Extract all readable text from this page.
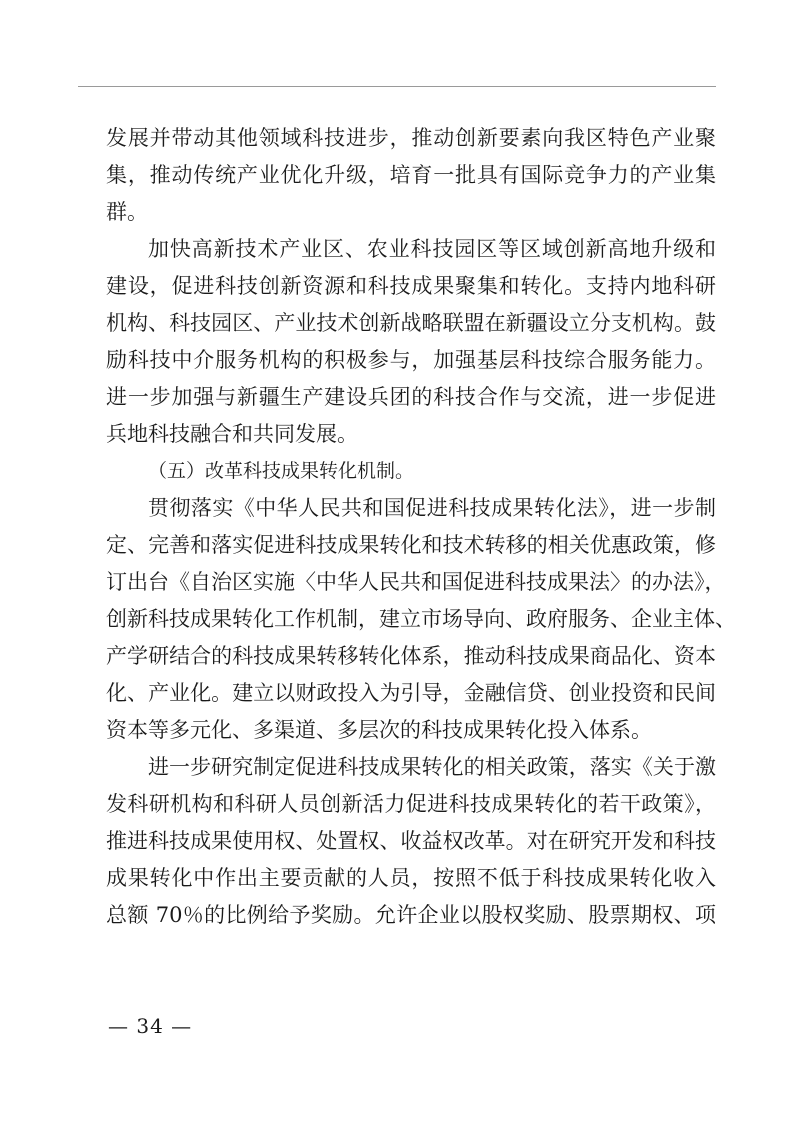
发展并带动其他领域科技进步，推动创新要素向我区特色产业聚
集，推动传统产业优化升级，培育一批具有国际竞争力的产业集
群。
加快高新技术产业区、农业科技园区等区域创新高地升级和
建设，促进科技创新资源和科技成果聚集和转化。支持内地科研
机构、科技园区、产业技术创新战略联盟在新疆设立分支机构。鼓
励科技中介服务机构的积极参与，加强基层科技综合服务能力。
进一步加强与新疆生产建设兵团的科技合作与交流，进一步促进
兵地科技融合和共同发展。
（五）改革科技成果转化机制。
贯彻落实《中华人民共和国促进科技成果转化法》，进一步制
定、完善和落实促进科技成果转化和技术转移的相关优惠政策，修
订出台《自治区实施〈中华人民共和国促进科技成果法〉的办法》，
创新科技成果转化工作机制，建立市场导向、政府服务、企业主体、
产学研结合的科技成果转移转化体系，推动科技成果商品化、资本
化、产业化。建立以财政投入为引导，金融信贷、创业投资和民间
资本等多元化、多渠道、多层次的科技成果转化投入体系。
进一步研究制定促进科技成果转化的相关政策，落实《关于激
发科研机构和科研人员创新活力促进科技成果转化的若干政策》，
推进科技成果使用权、处置权、收益权改革。对在研究开发和科技
成果转化中作出主要贡献的人员，按照不低于科技成果转化收入
总额 70％的比例给予奖励。允许企业以股权奖励、股票期权、项
— 34 —
